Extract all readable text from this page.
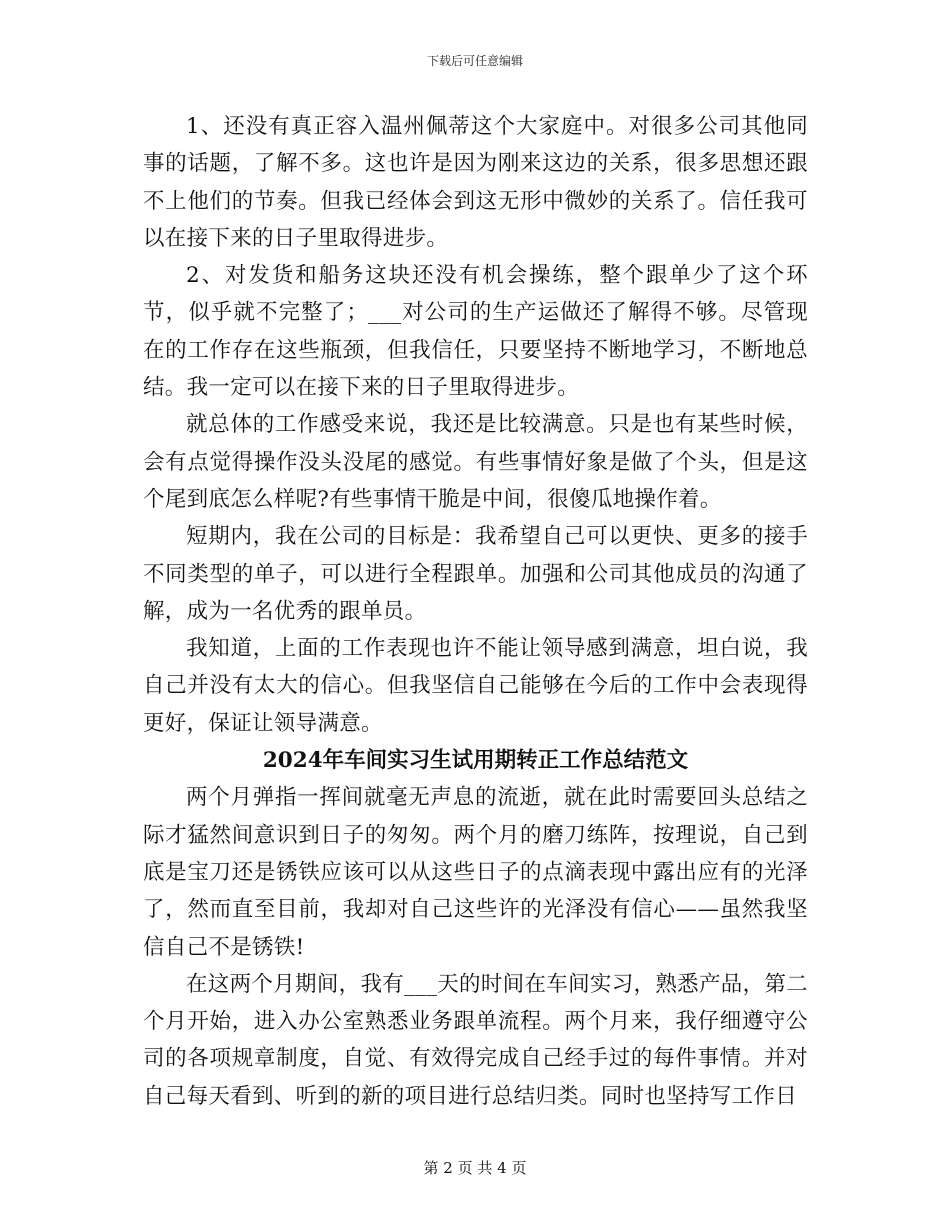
下载后可任意编辑

1、还没有真正容入温州佩蒂这个大家庭中。对很多公司其他同事的话题，了解不多。这也许是因为刚来这边的关系，很多思想还跟不上他们的节奏。但我已经体会到这无形中微妙的关系了。信任我可以在接下来的日子里取得进步。

2、对发货和船务这块还没有机会操练，整个跟单少了这个环节，似乎就不完整了；___对公司的生产运做还了解得不够。尽管现在的工作存在这些瓶颈，但我信任，只要坚持不断地学习，不断地总结。我一定可以在接下来的日子里取得进步。

就总体的工作感受来说，我还是比较满意。只是也有某些时候，会有点觉得操作没头没尾的感觉。有些事情好象是做了个头，但是这个尾到底怎么样呢?有些事情干脆是中间，很傻瓜地操作着。

短期内，我在公司的目标是：我希望自己可以更快、更多的接手不同类型的单子，可以进行全程跟单。加强和公司其他成员的沟通了解，成为一名优秀的跟单员。

我知道，上面的工作表现也许不能让领导感到满意，坦白说，我自己并没有太大的信心。但我坚信自己能够在今后的工作中会表现得更好，保证让领导满意。

2024年车间实习生试用期转正工作总结范文

两个月弹指一挥间就毫无声息的流逝，就在此时需要回头总结之际才猛然间意识到日子的匆匆。两个月的磨刀练阵，按理说，自己到底是宝刀还是锈铁应该可以从这些日子的点滴表现中露出应有的光泽了，然而直至目前，我却对自己这些许的光泽没有信心——虽然我坚信自己不是锈铁!

在这两个月期间，我有___天的时间在车间实习，熟悉产品，第二个月开始，进入办公室熟悉业务跟单流程。两个月来，我仔细遵守公司的各项规章制度，自觉、有效得完成自己经手过的每件事情。并对自己每天看到、听到的新的项目进行总结归类。同时也坚持写工作日

第 2 页 共 4 页
